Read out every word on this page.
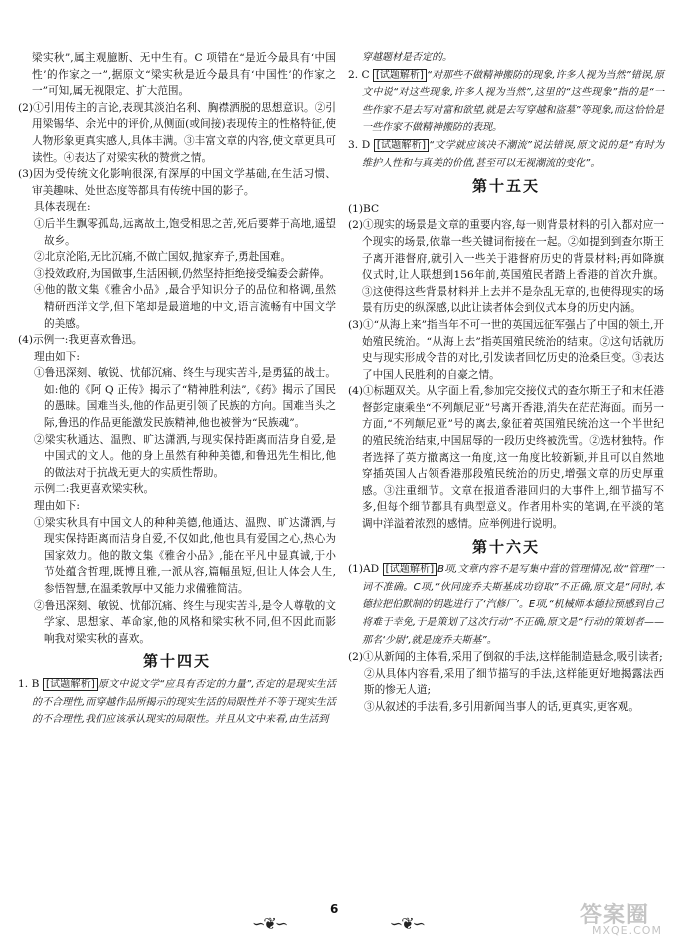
梁实秋”,属主观臆断、无中生有。C 项错在“是近今最具有‘中国性’的作家之一”,据原文“梁实秋是近今最具有‘中国性’的作家之一”可知,属无视限定、扩大范围。

(2)①引用传主的言论,表现其淡泊名利、胸襟洒脱的思想意识。②引用梁锡华、余光中的评价,从侧面(或间接)表现传主的性格特征,使人物形象更真实感人,具体丰满。③丰富文章的内容,使文章更具可读性。④表达了对梁实秋的赞赏之情。

(3)因为受传统文化影响很深,有深厚的中国文学基础,在生活习惯、审美趣味、处世态度等都具有传统中国的影子。

具体表现在:

①后半生飘零孤岛,远离故土,饱受相思之苦,死后要葬于高地,遥望故乡。

②北京沦陷,无比沉痛,不做亡国奴,抛家弃子,勇赴国难。

③投效政府,为国做事,生活困顿,仍然坚持拒绝接受编委会薪俸。

④他的散文集《雅舍小品》,最合乎知识分子的品位和格调,虽然精研西洋文学,但下笔却是最道地的中文,语言流畅有中国文学的美感。

(4)示例一:我更喜欢鲁迅。

理由如下:

①鲁迅深刻、敏锐、忧郁沉痛、终生与现实苦斗,是勇猛的战士。如:他的《阿 Q 正传》揭示了“精神胜利法”,《药》揭示了国民的愚昧。国难当头,他的作品更引领了民族的方向。国难当头之际,鲁迅的作品更能激发民族精神,他也被誉为“民族魂”。

②梁实秋通达、温煦、旷达潇洒,与现实保持距离而洁身自爱,是中国式的文人。他的身上虽然有种种美德,和鲁迅先生相比,他的做法对于抗战无更大的实质性帮助。

示例二:我更喜欢梁实秋。

理由如下:

①梁实秋具有中国文人的种种美德,他通达、温煦、旷达潇洒,与现实保持距离而洁身自爱,不仅如此,他也具有爱国之心,热心为国家效力。他的散文集《雅舍小品》,能在平凡中显真诚,于小节处蕴含哲理,既博且雅,一派从容,篇幅虽短,但让人体会人生,参悟智慧,在温柔敦厚中又能力求備雅简洁。

②鲁迅深刻、敏锐、忧郁沉痛、终生与现实苦斗,是令人尊敬的文学家、思想家、革命家,他的风格和梁实秋不同,但不因此而影响我对梁实秋的喜欢。

第十四天

1. B [试题解析] 原文中说文学“应具有否定的力量”,否定的是现实生活的不合理性,而穿越作品所揭示的现实生活的局限性并不等于现实生活的不合理性,我们应该承认现实的局限性。并且从文中来看,由生活到

穿越题材是否定的。

2. C [试题解析] “对那些不做精神搬防的现象,许多人视为当然”错误,原文中说“对这些现象,许多人视为当然”,这里的“这些现象”指的是“一些作家不是去写对富和欲望,就是去写穿越和盗墓”等现象,而这恰恰是一些作家不做精神搬防的表现。

3. D [试题解析] “文学就应该决不潮流”说法错误,原文说的是“有时为维护人性和与真美的价值,甚至可以无视潮流的变化”。

第十五天

(1)BC

(2)①现实的场景是文章的重要内容,每一则背景材料的引入都对应一个现实的场景,依靠一些关键词衔接在一起。②如提到到查尔斯王子离开港督府,就引入一些关于港督府历史的背景材料;再如降旗仪式时,让人联想到156年前,英国殖民者踏上香港的首次升旗。③这使得这些背景材料并上去并不是杂乱无章的,也使得现实的场景有历史的纵深感,以此让读者体会到仪式本身的历史内涵。

(3)①“从海上来”指当年不可一世的英国远征军强占了中国的领土,开始殖民统治。“从海上去”指英国殖民统治的结束。②这句话就历史与现实形成令昔的对比,引发读者回忆历史的沧桑巨变。③表达了中国人民胜利的自豪之情。

(4)①标题双关。从字面上看,参加完交接仪式的查尔斯王子和末任港督彭定康乘坐“不列颠尼亚”号离开香港,消失在茫茫海面。而另一方面,“不列颠尼亚”号的离去,象征着英国殖民统治这一个半世纪的殖民统治结束,中国屈辱的一段历史终被洗雪。②选材独特。作者选择了英方撤离这一角度,这一角度比较新颖,并且可以自然地穿插英国人占领香港那段殖民统治的历史,增强文章的历史厚重感。③注重细节。文章在报道香港回归的大事件上,细节描写不多,但每个细节都具有典型意义。作者用朴实的笔调,在平淡的笔调中洋溢着浓烈的感情。应举例进行说明。

第十六天

(1)AD [试题解析] B项,文章内容不是写集中营的管理情况,故“管理”一词不准确。C项,“伙同庞乔夫斯基成功窃取”不正确,原文是“同时,本德拉把伯默制的钥匙进行了‘汽修厂’。E项,“机械师本德拉预感到自己将难于幸免,于是策划了这次行动”不正确,原文是“行动的策划者——那名‘少尉’,就是庞乔夫斯基”。

(2)①从新闻的主体看,采用了倒叙的手法,这样能制造悬念,吸引读者;

②从具体内容看,采用了细节描写的手法,这样能更好地揭露法西斯的惨无人道;

③从叙述的手法看,多引用新闻当事人的话,更真实,更客观。

∽❦∽
6
∽❦∽	答案圈
MXQE.COM
